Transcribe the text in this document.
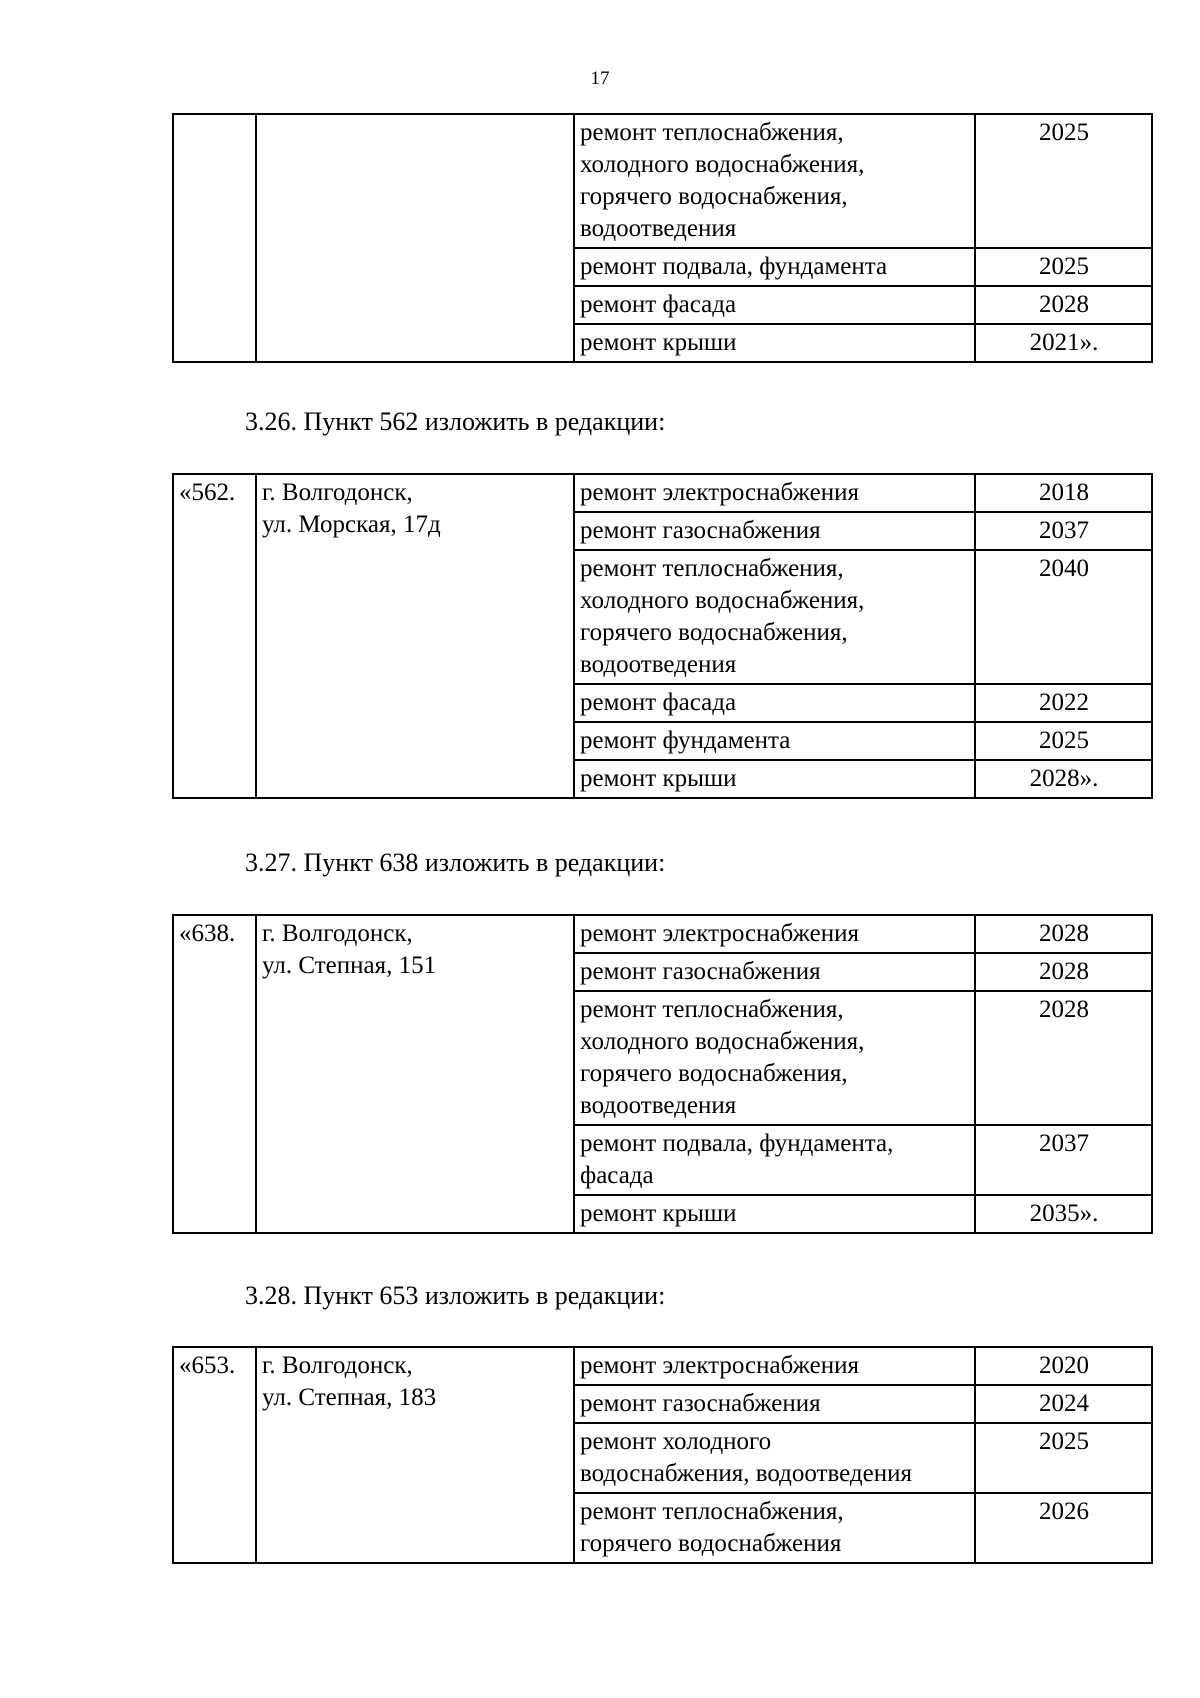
17
3.26. Пункт 562 изложить в редакции:
3.27. Пункт 638 изложить в редакции:
3.28. Пункт 653 изложить в редакции:

		ремонт теплоснабжения,
холодного водоснабжения,
горячего водоснабжения,
водоотведения	2025

		ремонт подвала, фундамента	2025

		ремонт фасада	2028

		ремонт крыши	2021».
«562.	г. Волгодонск,
ул. Морская, 17д	ремонт электроснабжения	2018

		ремонт газоснабжения	2037

		ремонт теплоснабжения,
холодного водоснабжения,
горячего водоснабжения,
водоотведения	2040

		ремонт фасада	2022

		ремонт фундамента	2025

		ремонт крыши	2028».
«638.	г. Волгодонск,
ул. Степная, 151	ремонт электроснабжения	2028

		ремонт газоснабжения	2028

		ремонт теплоснабжения,
холодного водоснабжения,
горячего водоснабжения,
водоотведения	2028

		ремонт подвала, фундамента,
фасада	2037

		ремонт крыши	2035».
«653.	г. Волгодонск,
ул. Степная, 183	ремонт электроснабжения	2020

		ремонт газоснабжения	2024

		ремонт холодного
водоснабжения, водоотведения	2025

		ремонт теплоснабжения,
горячего водоснабжения	2026
